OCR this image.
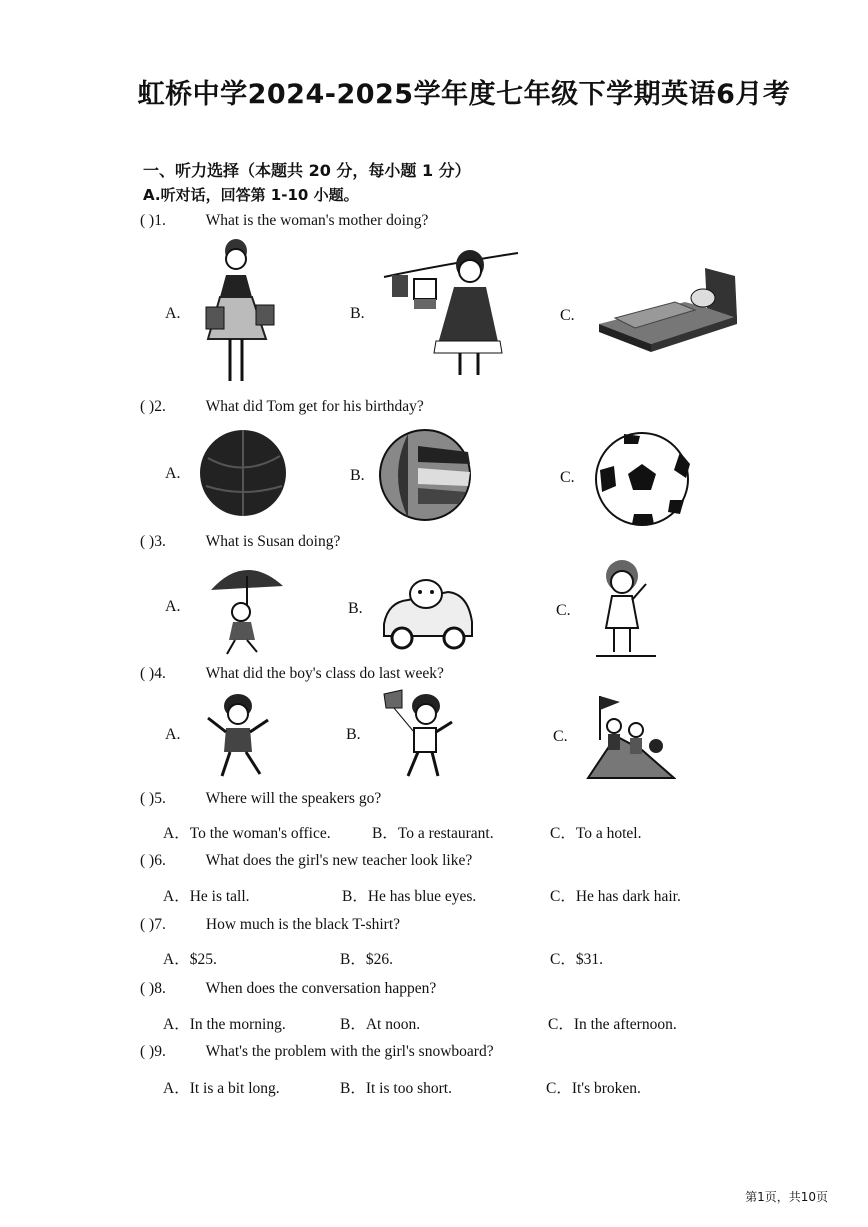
虹桥中学2024-2025学年度七年级下学期英语6月考
一、听力选择（本题共 20 分，每小题 1 分）
A.听对话，回答第 1-10 小题。
( )1.	What is the woman's mother doing?
A.	B.	C.
( )2.	What did Tom get for his birthday?
A.	B.	C.
( )3.	What is Susan doing?
A.	B.	C.
( )4.	What did the boy's class do last week?
A.	B.	C.
( )5.	Where will the speakers go?
A．To the woman's office.	B．To a restaurant.	C．To a hotel.
( )6.	What does the girl's new teacher look like?
A．He is tall.	B．He has blue eyes.	C．He has dark hair.
( )7.	How much is the black T-shirt?
A．$25.	B．$26.	C．$31.
( )8.	When does the conversation happen?
A．In the morning.	B．At noon.	C．In the afternoon.
( )9.	What's the problem with the girl's snowboard?
A．It is a bit long.	B．It is too short.	C．It's broken.
第1页，共10页
